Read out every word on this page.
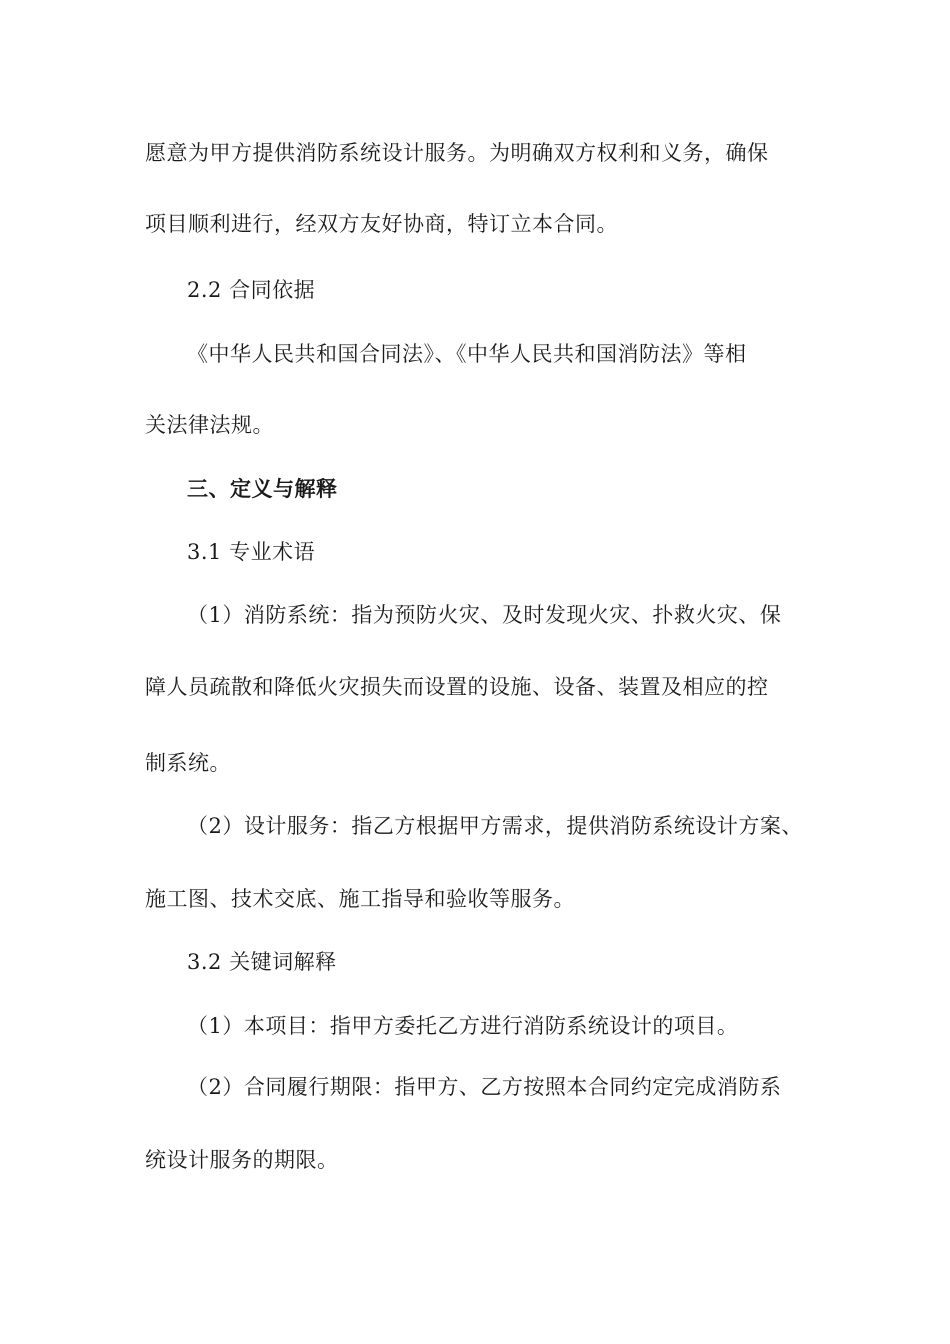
愿意为甲方提供消防系统设计服务。为明确双方权利和义务，确保
项目顺利进行，经双方友好协商，特订立本合同。
2.2 合同依据
《中华人民共和国合同法》、《中华人民共和国消防法》等相
关法律法规。
三、定义与解释
3.1 专业术语
（1）消防系统：指为预防火灾、及时发现火灾、扑救火灾、保
障人员疏散和降低火灾损失而设置的设施、设备、装置及相应的控
制系统。
（2）设计服务：指乙方根据甲方需求，提供消防系统设计方案、
施工图、技术交底、施工指导和验收等服务。
3.2 关键词解释
（1）本项目：指甲方委托乙方进行消防系统设计的项目。
（2）合同履行期限：指甲方、乙方按照本合同约定完成消防系
统设计服务的期限。
